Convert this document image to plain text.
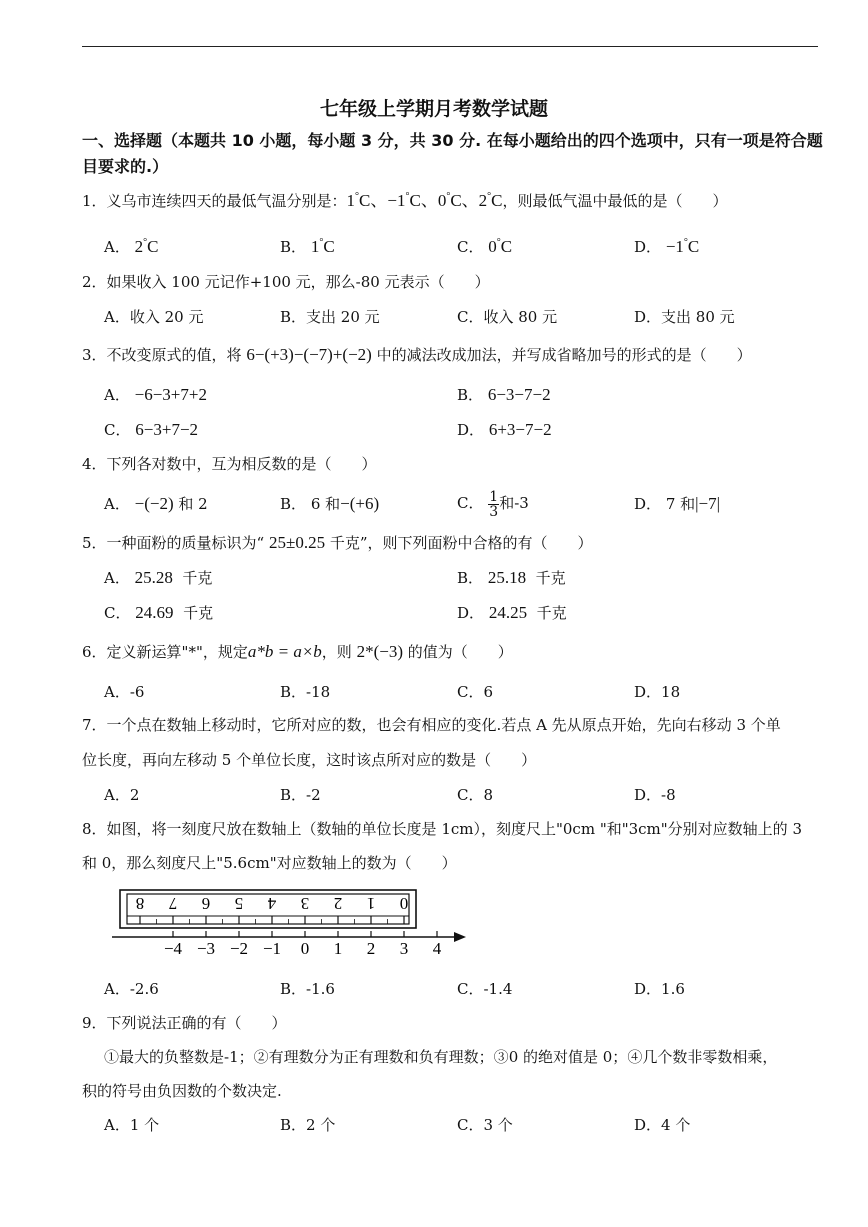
七年级上学期月考数学试题
一、选择题（本题共 10 小题，每小题 3 分，共 30 分. 在每小题给出的四个选项中，只有一项是符合题目要求的.）
1．义乌市连续四天的最低气温分别是：1°C、−1°C、0°C、2°C，则最低气温中最低的是（　　）
A． 2°C	B． 1°C	C． 0°C	D． −1°C
2．如果收入 100 元记作+100 元，那么-80 元表示（　　）
A．收入 20 元	B．支出 20 元	C．收入 80 元	D．支出 80 元
3．不改变原式的值，将 6−(+3)−(−7)+(−2) 中的减法改成加法，并写成省略加号的形式的是（　　）
A． −6−3+7+2	B． 6−3−7−2
C． 6−3+7−2	D． 6+3−7−2
4．下列各对数中，互为相反数的是（　　）
A． −(−2) 和 2	B． 6 和−(+6)	C． $\frac{1}{3}$ 和-3	D． 7 和|−7|
5．一种面粉的质量标识为“ 25±0.25 千克”，则下列面粉中合格的有（　　）
A． 25.28 千克	B． 25.18 千克
C． 24.69 千克	D． 24.25 千克
6．定义新运算"*"，规定a*b = a×b，则 2*(−3) 的值为（　　）
A．-6	B．-18	C．6	D．18
7．一个点在数轴上移动时，它所对应的数，也会有相应的变化.若点 A 先从原点开始，先向右移动 3 个单
位长度，再向左移动 5 个单位长度，这时该点所对应的数是（　　）
A．2	B．-2	C．8	D．-8
8．如图，将一刻度尺放在数轴上（数轴的单位长度是 1cm），刻度尺上"0cm "和"3cm"分别对应数轴上的 3
和 0，那么刻度尺上"5.6cm"对应数轴上的数为（　　）
8 7 6 5 4 3 2 1 0
−4 −3 −2 −1 0 1 2 3 4
A．-2.6	B．-1.6	C．-1.4	D．1.6
9．下列说法正确的有（　　）
①最大的负整数是-1；②有理数分为正有理数和负有理数；③0 的绝对值是 0；④几个数非零数相乘，
积的符号由负因数的个数决定.
A．1 个	B．2 个	C．3 个	D．4 个
